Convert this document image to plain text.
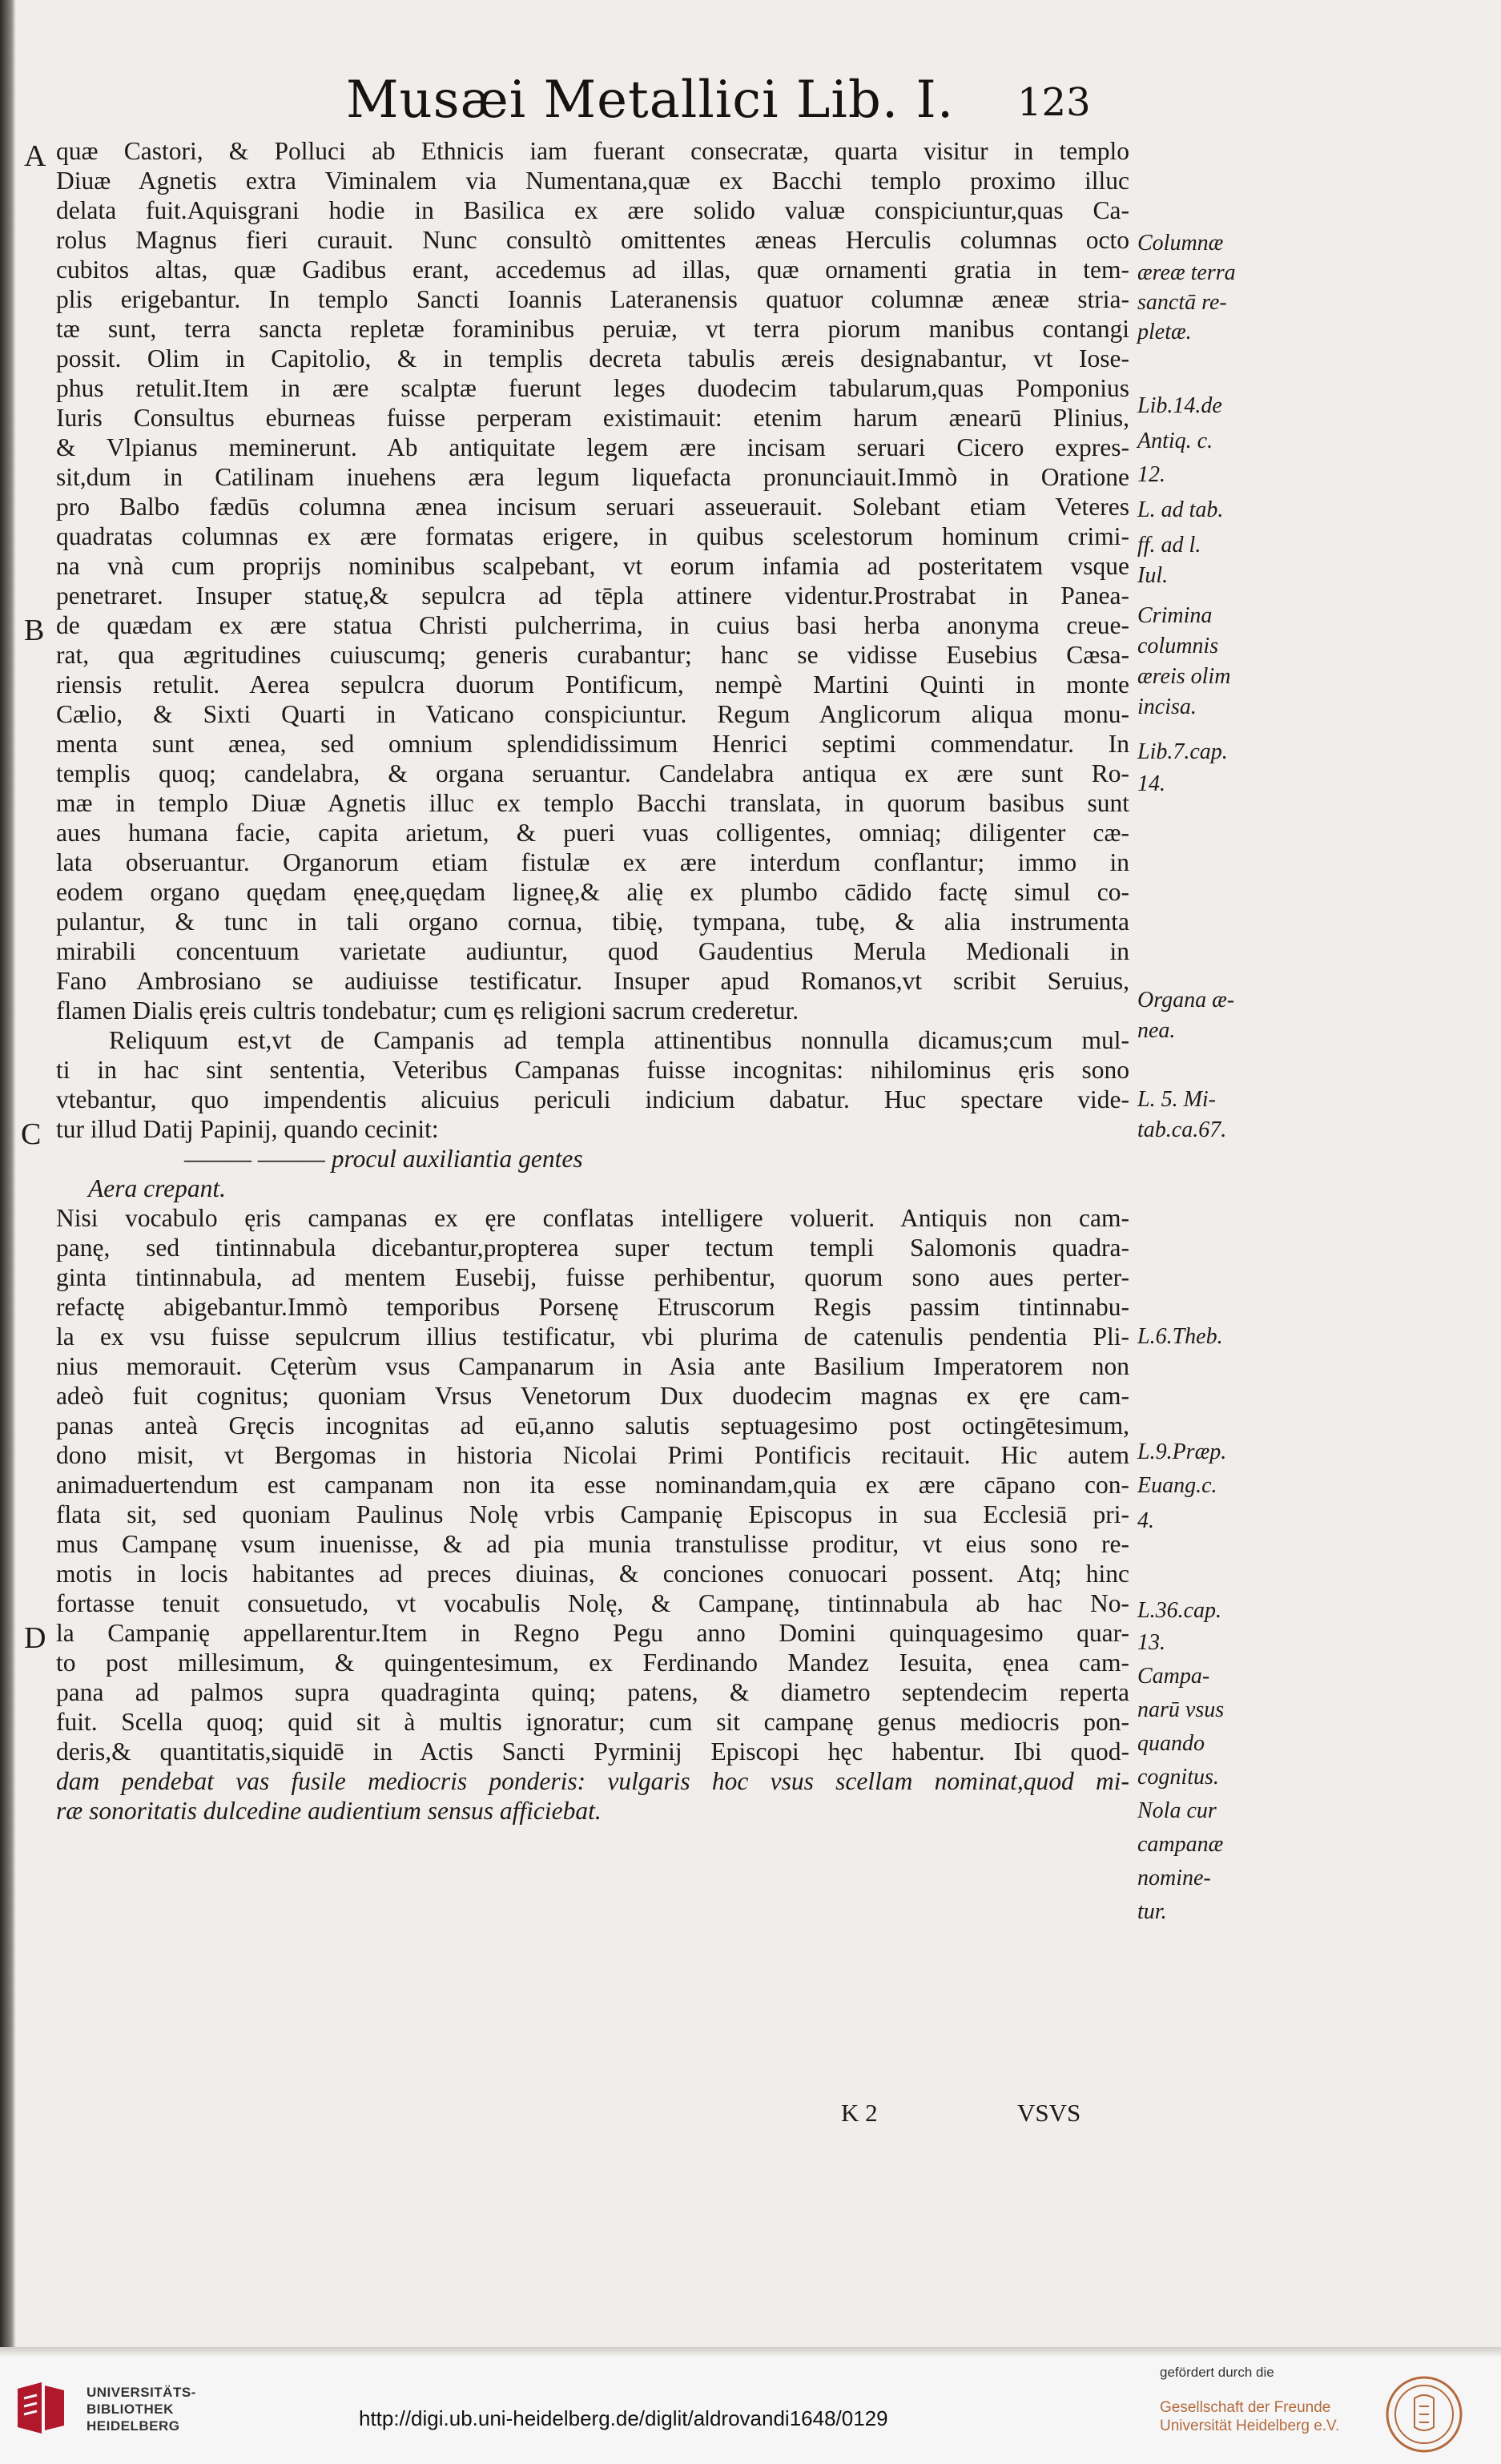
Musæi Metallici Lib. I. 123
A
B
C
D
quæ Castori, & Polluci ab Ethnicis iam fuerant consecratæ, quarta visitur in templo
Diuæ Agnetis extra Viminalem via Numentana,quæ ex Bacchi templo proximo illuc
delata fuit.Aquisgrani hodie in Basilica ex ære solido valuæ conspiciuntur,quas Ca-
rolus Magnus fieri curauit. Nunc consultò omittentes æneas Herculis columnas octo
cubitos altas, quæ Gadibus erant, accedemus ad illas, quæ ornamenti gratia in tem-
plis erigebantur. In templo Sancti Ioannis Lateranensis quatuor columnæ æneæ stria-
tæ sunt, terra sancta repletæ foraminibus peruiæ, vt terra piorum manibus contangi
possit. Olim in Capitolio, & in templis decreta tabulis æreis designabantur, vt Iose-
phus retulit.Item in ære scalptæ fuerunt leges duodecim tabularum,quas Pomponius
Iuris Consultus eburneas fuisse perperam existimauit: etenim harum ænearū Plinius,
& Vlpianus meminerunt. Ab antiquitate legem ære incisam seruari Cicero expres-
sit,dum in Catilinam inuehens æra legum liquefacta pronunciauit.Immò in Oratione
pro Balbo fædūs columna ænea incisum seruari asseuerauit. Solebant etiam Veteres
quadratas columnas ex ære formatas erigere, in quibus scelestorum hominum crimi-
na vnà cum proprijs nominibus scalpebant, vt eorum infamia ad posteritatem vsque
penetraret. Insuper statuę,& sepulcra ad tēpla attinere videntur.Prostrabat in Panea-
de quædam ex ære statua Christi pulcherrima, in cuius basi herba anonyma creue-
rat, qua ægritudines cuiuscumq; generis curabantur; hanc se vidisse Eusebius Cæsa-
riensis retulit. Aerea sepulcra duorum Pontificum, nempè Martini Quinti in monte
Cælio, & Sixti Quarti in Vaticano conspiciuntur. Regum Anglicorum aliqua monu-
menta sunt ænea, sed omnium splendidissimum Henrici septimi commendatur. In
templis quoq; candelabra, & organa seruantur. Candelabra antiqua ex ære sunt Ro-
mæ in templo Diuæ Agnetis illuc ex templo Bacchi translata, in quorum basibus sunt
aues humana facie, capita arietum, & pueri vuas colligentes, omniaq; diligenter cæ-
lata obseruantur. Organorum etiam fistulæ ex ære interdum conflantur; immo in
eodem organo quędam ęneę,quędam ligneę,& alię ex plumbo cādido factę simul co-
pulantur, & tunc in tali organo cornua, tibię, tympana, tubę, & alia instrumenta
mirabili concentuum varietate audiuntur, quod Gaudentius Merula Medionali in
Fano Ambrosiano se audiuisse testificatur. Insuper apud Romanos,vt scribit Seruius,
flamen Dialis ęreis cultris tondebatur; cum ęs religioni sacrum crederetur.
Reliquum est,vt de Campanis ad templa attinentibus nonnulla dicamus;cum mul-
ti in hac sint sententia, Veteribus Campanas fuisse incognitas: nihilominus ęris sono
vtebantur, quo impendentis alicuius periculi indicium dabatur. Huc spectare vide-
tur illud Datij Papinij, quando cecinit:
——— ——— procul auxiliantia gentes
Aera crepant.
Nisi vocabulo ęris campanas ex ęre conflatas intelligere voluerit. Antiquis non cam-
panę, sed tintinnabula dicebantur,propterea super tectum templi Salomonis quadra-
ginta tintinnabula, ad mentem Eusebij, fuisse perhibentur, quorum sono aues perter-
refactę abigebantur.Immò temporibus Porsenę Etruscorum Regis passim tintinnabu-
la ex vsu fuisse sepulcrum illius testificatur, vbi plurima de catenulis pendentia Pli-
nius memorauit. Cęterùm vsus Campanarum in Asia ante Basilium Imperatorem non
adeò fuit cognitus; quoniam Vrsus Venetorum Dux duodecim magnas ex ęre cam-
panas anteà Gręcis incognitas ad eū,anno salutis septuagesimo post octingētesimum,
dono misit, vt Bergomas in historia Nicolai Primi Pontificis recitauit. Hic autem
animaduertendum est campanam non ita esse nominandam,quia ex ære cāpano con-
flata sit, sed quoniam Paulinus Nolę vrbis Campanię Episcopus in sua Ecclesiā pri-
mus Campanę vsum inuenisse, & ad pia munia transtulisse proditur, vt eius sono re-
motis in locis habitantes ad preces diuinas, & conciones conuocari possent. Atq; hinc
fortasse tenuit consuetudo, vt vocabulis Nolę, & Campanę, tintinnabula ab hac No-
la Campanię appellarentur.Item in Regno Pegu anno Domini quinquagesimo quar-
to post millesimum, & quingentesimum, ex Ferdinando Mandez Iesuita, ęnea cam-
pana ad palmos supra quadraginta quinq; patens, & diametro septendecim reperta
fuit. Scella quoq; quid sit à multis ignoratur; cum sit campanę genus mediocris pon-
deris,& quantitatis,siquidē in Actis Sancti Pyrminij Episcopi hęc habentur. Ibi quod-
dam pendebat vas fusile mediocris ponderis: vulgaris hoc vsus scellam nominat,quod mi-
ræ sonoritatis dulcedine audientium sensus afficiebat.
Columnæ
æreæ terra
sanctā re-
pletæ.
Lib.14.de
Antiq. c.
12.
L. ad tab.
ff. ad l.
Iul.
Crimina
columnis
æreis olim
incisa.
Lib.7.cap.
14.
Organa æ-
nea.
L. 5. Mi-
tab.ca.67.
L.6.Theb.
L.9.Præp.
Euang.c.
4.
L.36.cap.
13.
Campa-
narū vsus
quando
cognitus.
Nola cur
campanæ
nomine-
tur.
K 2	VSVS
UNIVERSITÄTS-
BIBLIOTHEK
HEIDELBERG	http://digi.ub.uni-heidelberg.de/diglit/aldrovandi1648/0129
gefördert durch die
Gesellschaft der Freunde
Universität Heidelberg e.V.
